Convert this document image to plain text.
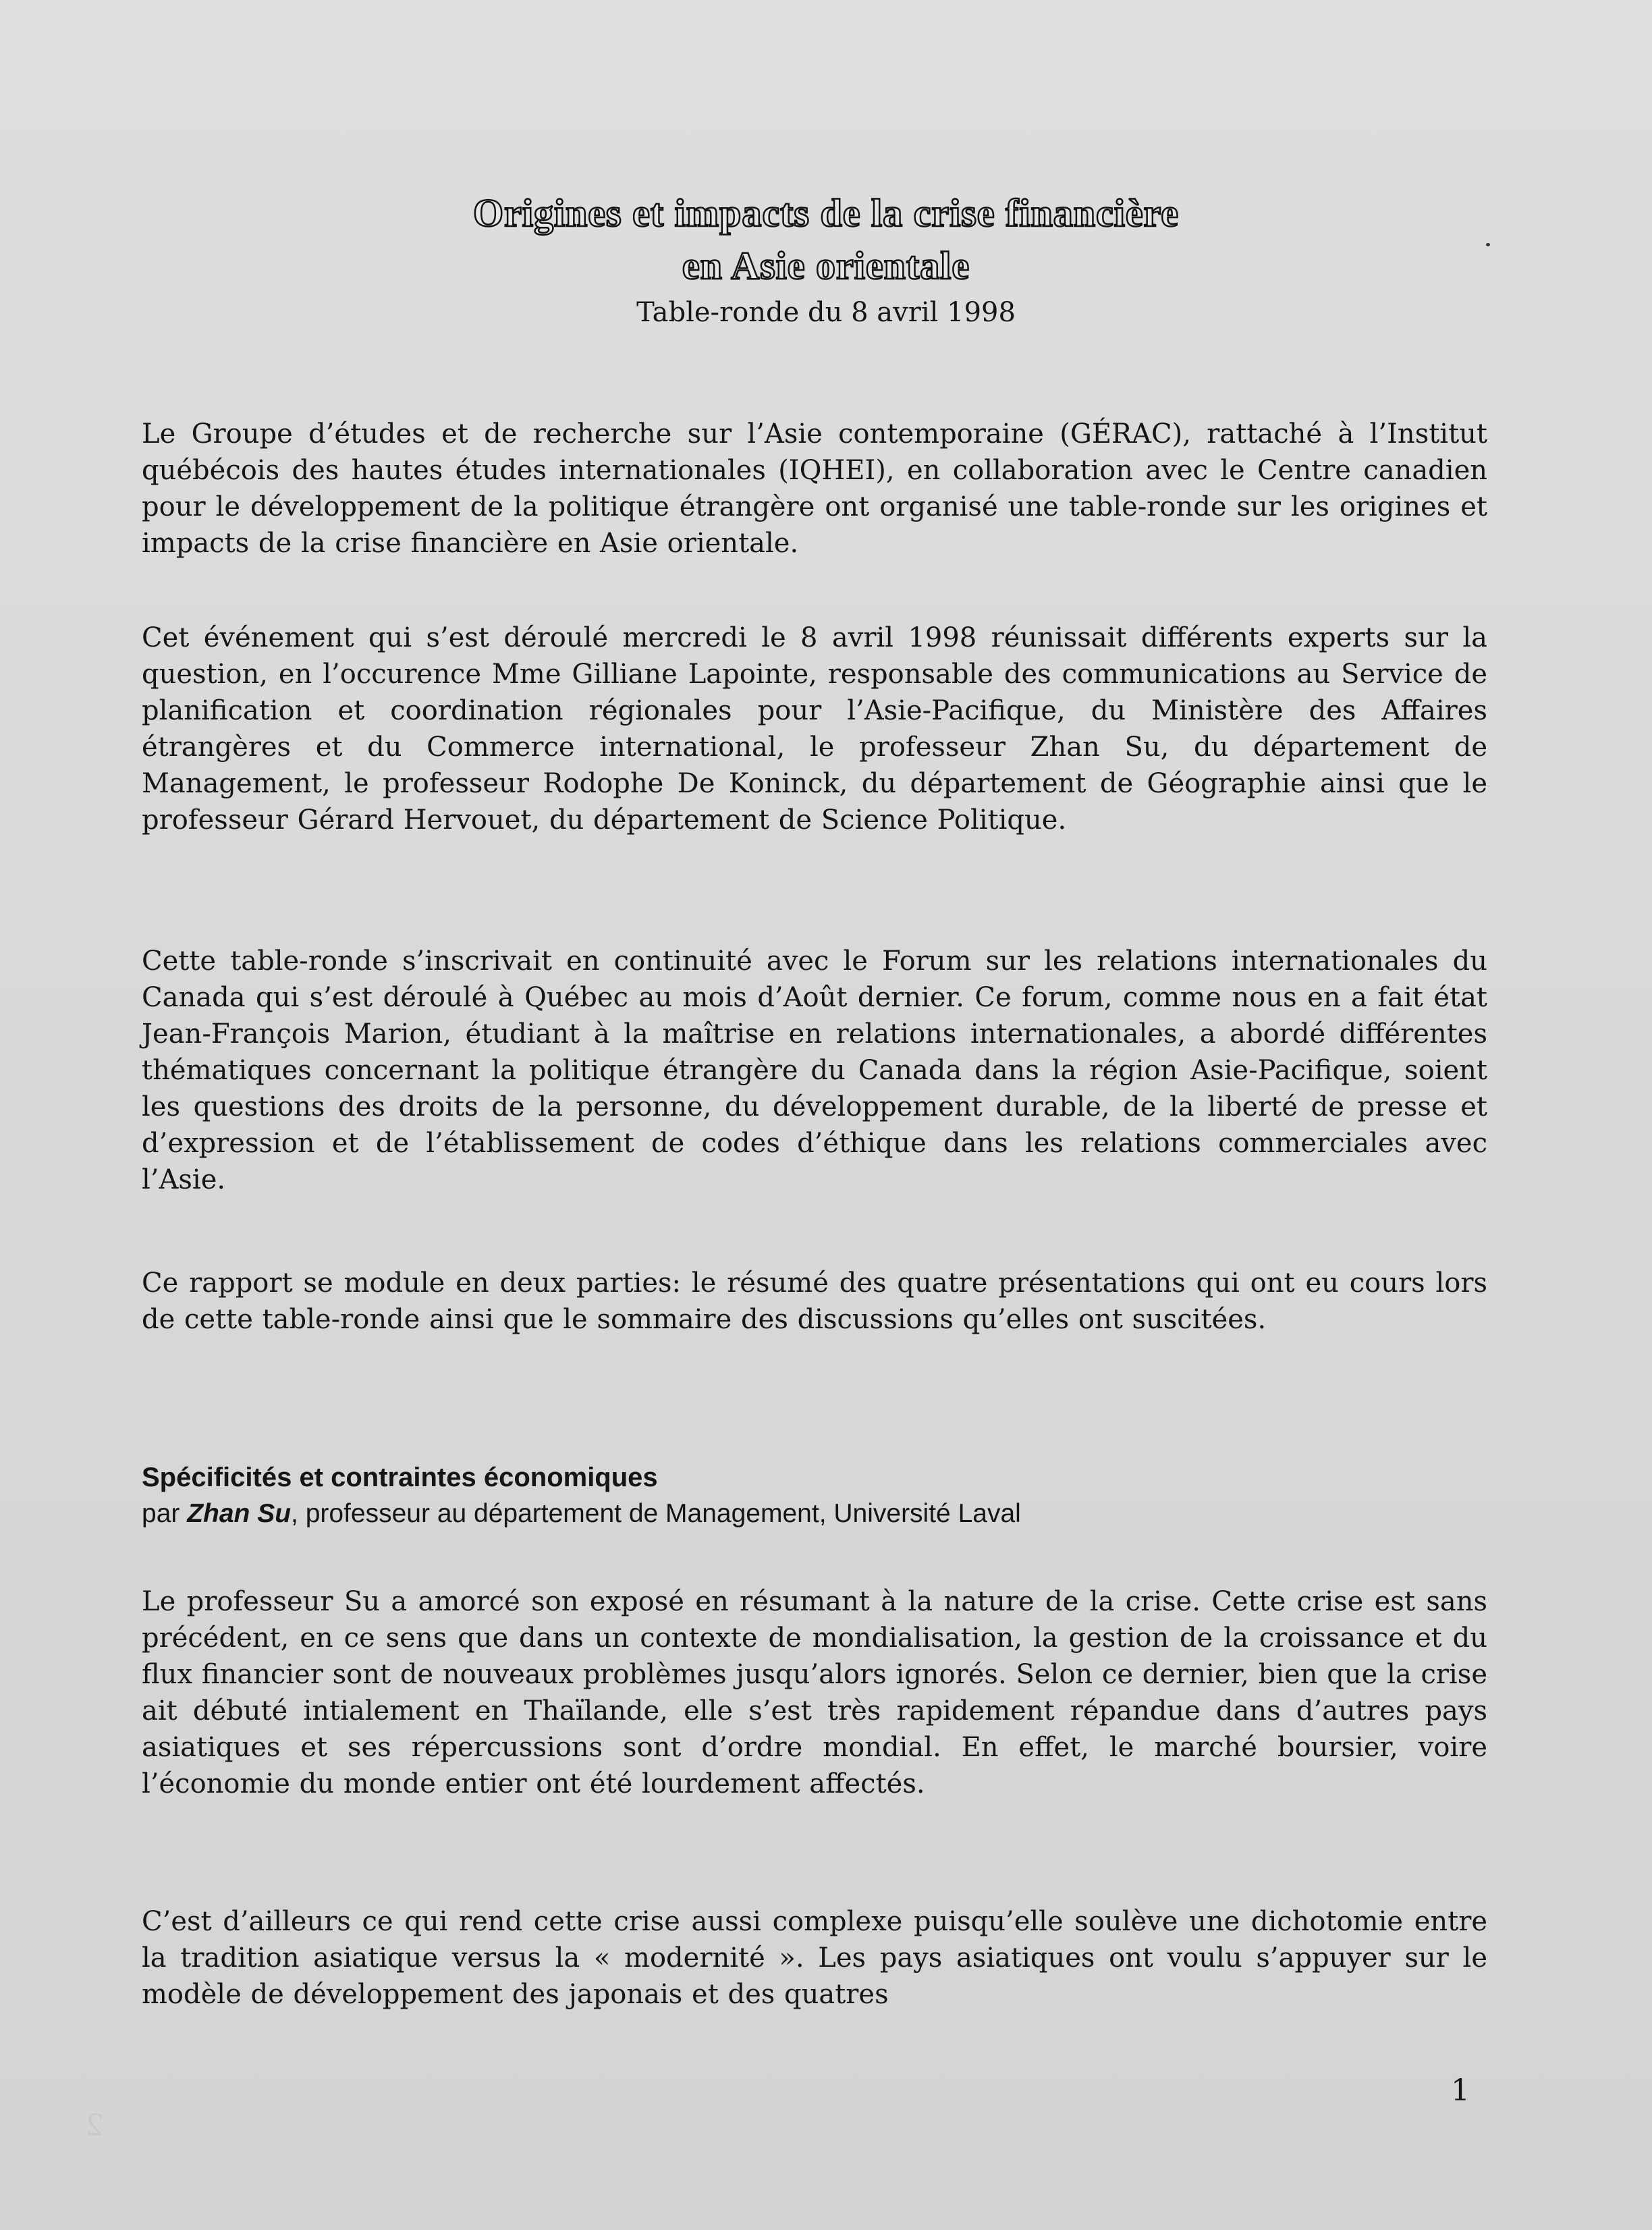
Origines et impacts de la crise financière
en Asie orientale
Table-ronde du 8 avril 1998

Le Groupe d’études et de recherche sur l’Asie contemporaine (GÉRAC), rattaché à l’Institut québécois des hautes études internationales (IQHEI), en collaboration avec le Centre canadien pour le développement de la politique étrangère ont organisé une table-ronde sur les origines et impacts de la crise financière en Asie orientale.

Cet événement qui s’est déroulé mercredi le 8 avril 1998 réunissait différents experts sur la question, en l’occurence Mme Gilliane Lapointe, responsable des communications au Service de planification et coordination régionales pour l’Asie-Pacifique, du Ministère des Affaires étrangères et du Commerce international, le professeur Zhan Su, du département de Management, le professeur Rodophe De Koninck, du département de Géographie ainsi que le professeur Gérard Hervouet, du département de Science Politique.

Cette table-ronde s’inscrivait en continuité avec le Forum sur les relations internationales du Canada qui s’est déroulé à Québec au mois d’Août dernier. Ce forum, comme nous en a fait état Jean-François Marion, étudiant à la maîtrise en relations internationales, a abordé différentes thématiques concernant la politique étrangère du Canada dans la région Asie-Pacifique, soient les questions des droits de la personne, du développement durable, de la liberté de presse et d’expression et de l’établissement de codes d’éthique dans les relations commerciales avec l’Asie.

Ce rapport se module en deux parties: le résumé des quatre présentations qui ont eu cours lors de cette table-ronde ainsi que le sommaire des discussions qu’elles ont suscitées.

Spécificités et contraintes économiques
par Zhan Su, professeur au département de Management, Université Laval

Le professeur Su a amorcé son exposé en résumant à la nature de la crise. Cette crise est sans précédent, en ce sens que dans un contexte de mondialisation, la gestion de la croissance et du flux financier sont de nouveaux problèmes jusqu’alors ignorés. Selon ce dernier, bien que la crise ait débuté intialement en Thaïlande, elle s’est très rapidement répandue dans d’autres pays asiatiques et ses répercussions sont d’ordre mondial. En effet, le marché boursier, voire l’économie du monde entier ont été lourdement affectés.

C’est d’ailleurs ce qui rend cette crise aussi complexe puisqu’elle soulève une dichotomie entre la tradition asiatique versus la « modernité ». Les pays asiatiques ont voulu s’appuyer sur le modèle de développement des japonais et des quatres

2
1
